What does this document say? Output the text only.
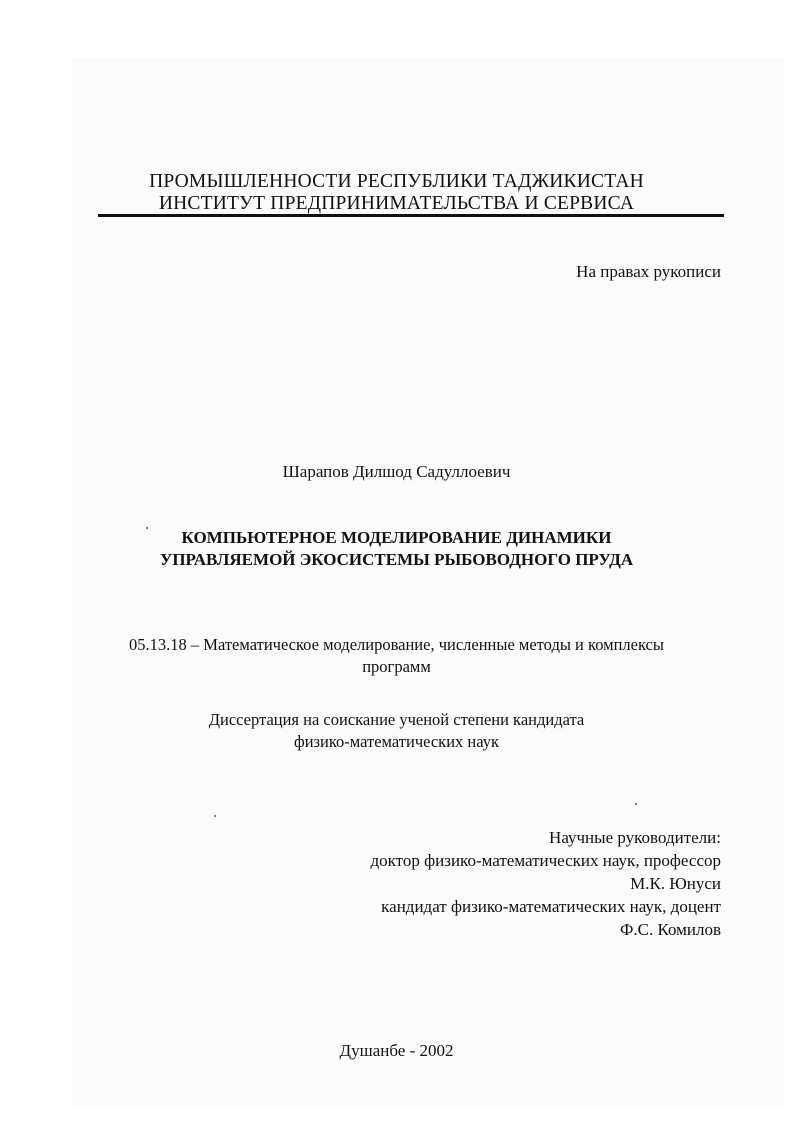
ПРОМЫШЛЕННОСТИ РЕСПУБЛИКИ ТАДЖИКИСТАН
ИНСТИТУТ ПРЕДПРИНИМАТЕЛЬСТВА И СЕРВИСА
На правах рукописи
Шарапов Дилшод Садуллоевич
КОМПЬЮТЕРНОЕ МОДЕЛИРОВАНИЕ ДИНАМИКИ
УПРАВЛЯЕМОЙ ЭКОСИСТЕМЫ РЫБОВОДНОГО ПРУДА
05.13.18 – Математическое моделирование, численные методы и комплексы
программ
Диссертация на соискание ученой степени кандидата
физико-математических наук
Научные руководители:
доктор физико-математических наук, профессор
М.К. Юнуси
кандидат физико-математических наук, доцент
Ф.С. Комилов
Душанбе - 2002
